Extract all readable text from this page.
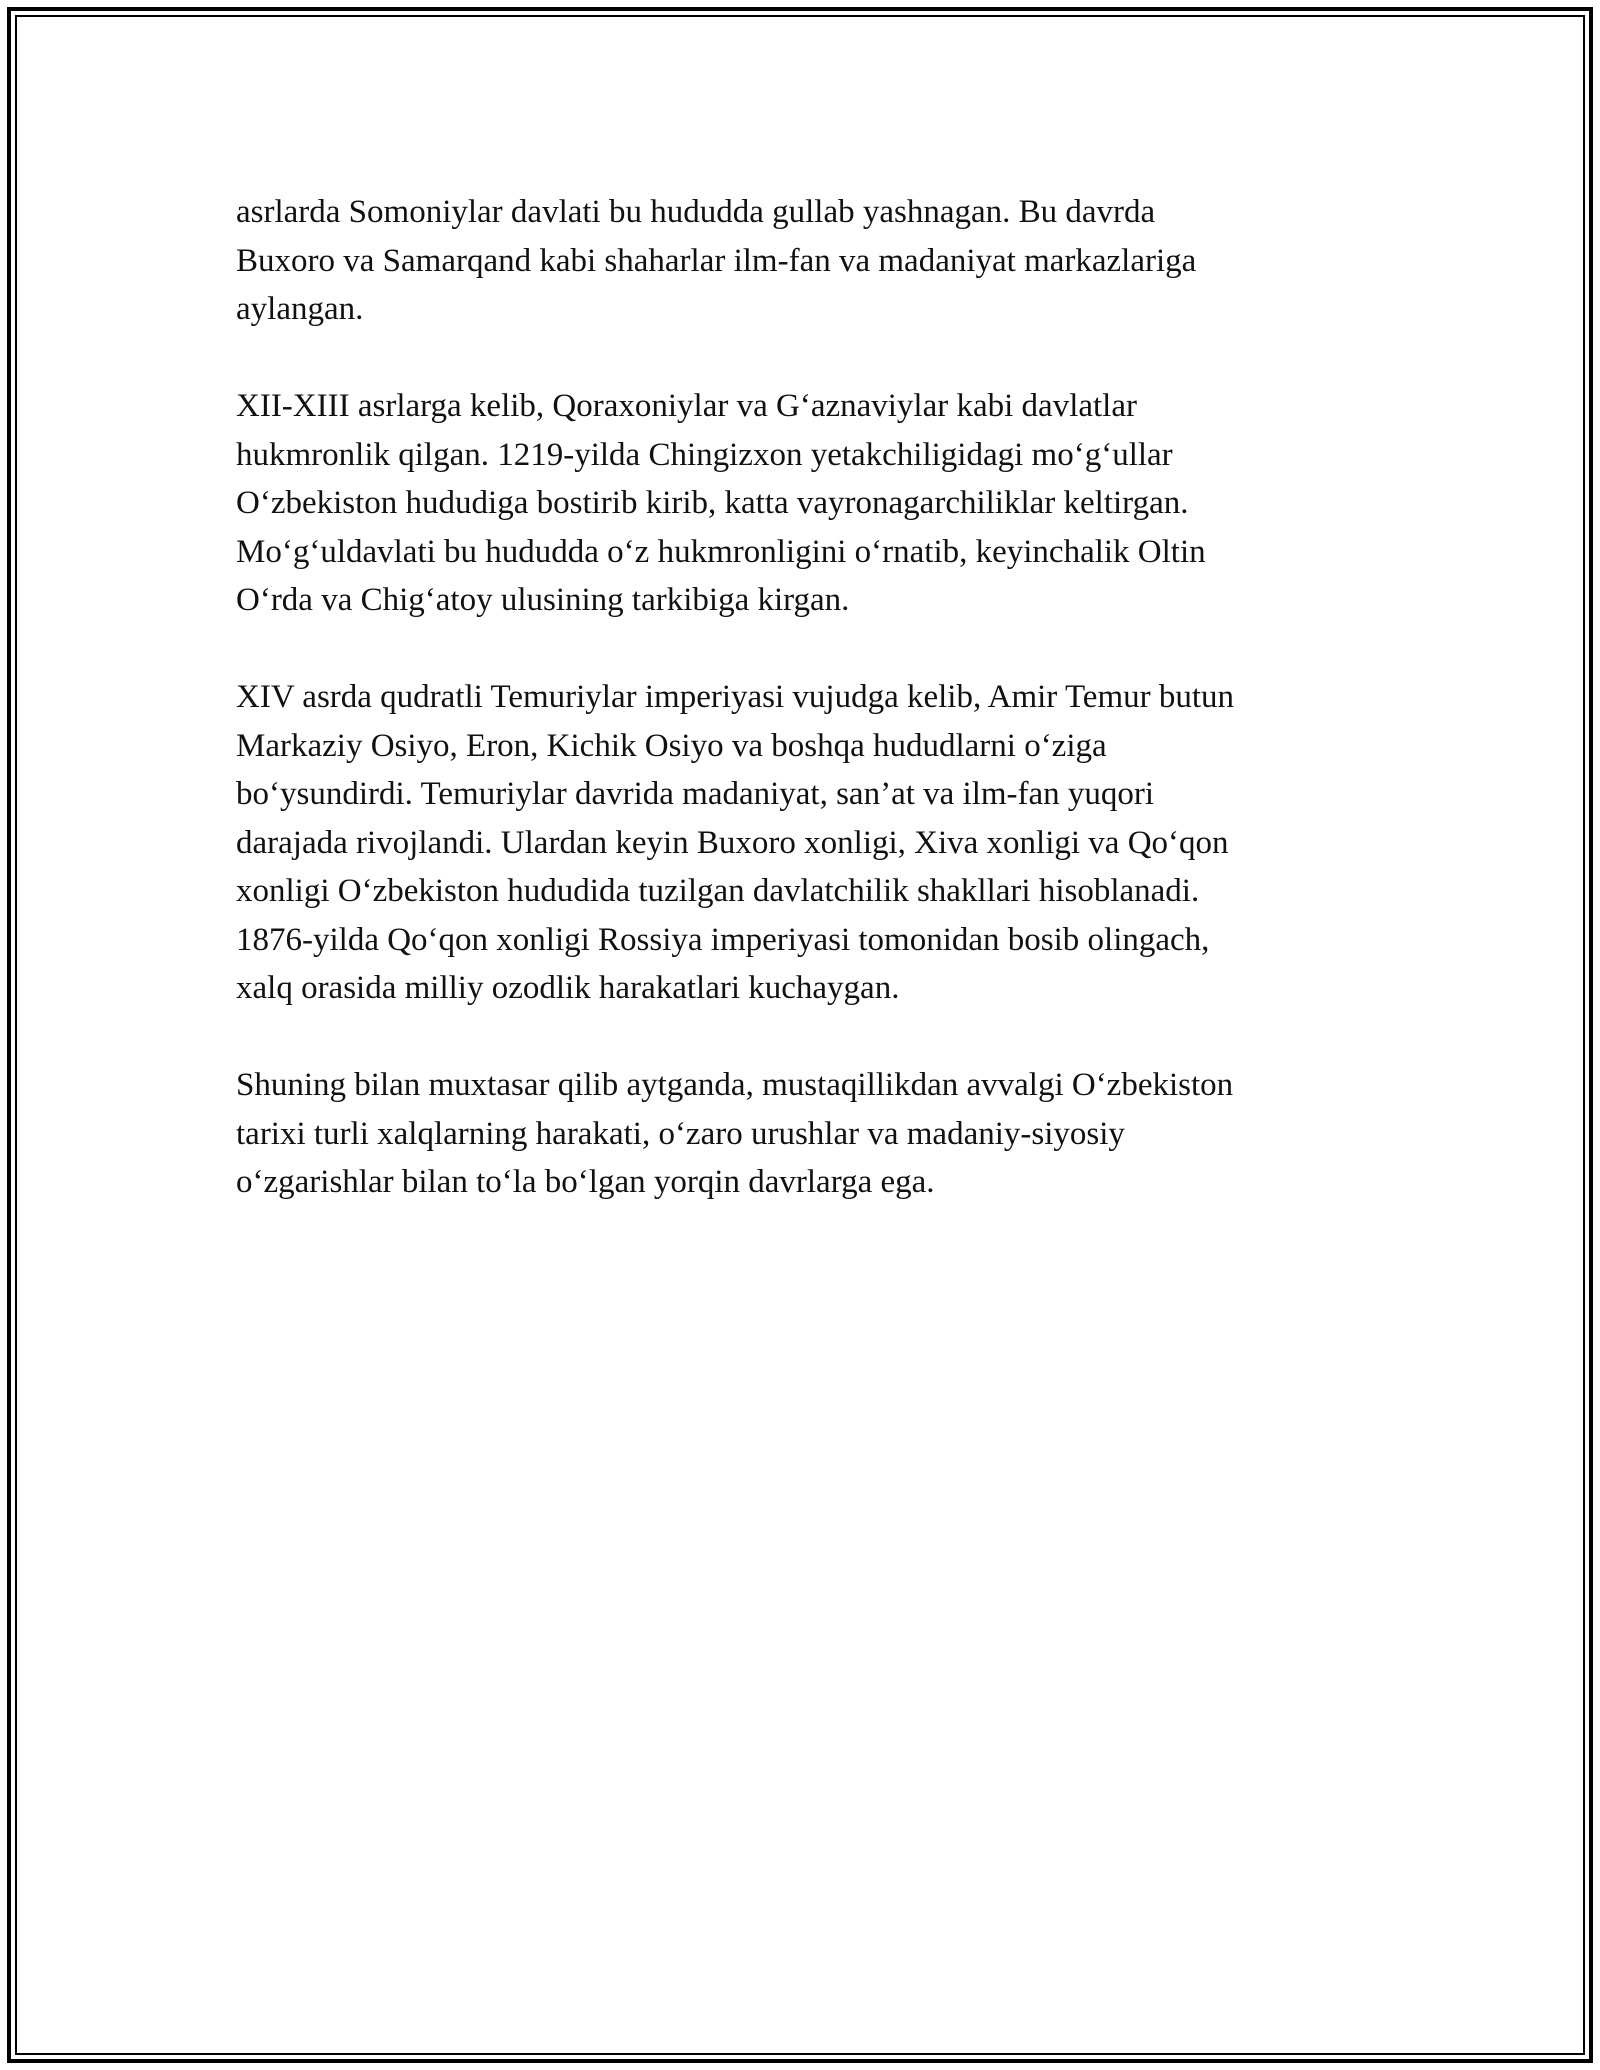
asrlarda Somoniylar davlati bu hududda gullab yashnagan. Bu davrda
Buxoro va Samarqand kabi shaharlar ilm-fan va madaniyat markazlariga
aylangan.

XII-XIII asrlarga kelib, Qoraxoniylar va G‘aznaviylar kabi davlatlar
hukmronlik qilgan. 1219-yilda Chingizxon yetakchiligidagi mo‘g‘ullar
O‘zbekiston hududiga bostirib kirib, katta vayronagarchiliklar keltirgan.
Mo‘g‘uldavlati bu hududda o‘z hukmronligini o‘rnatib, keyinchalik Oltin
O‘rda va Chig‘atoy ulusining tarkibiga kirgan.

XIV asrda qudratli Temuriylar imperiyasi vujudga kelib, Amir Temur butun
Markaziy Osiyo, Eron, Kichik Osiyo va boshqa hududlarni o‘ziga
bo‘ysundirdi. Temuriylar davrida madaniyat, san’at va ilm-fan yuqori
darajada rivojlandi. Ulardan keyin Buxoro xonligi, Xiva xonligi va Qo‘qon
xonligi O‘zbekiston hududida tuzilgan davlatchilik shakllari hisoblanadi.
1876-yilda Qo‘qon xonligi Rossiya imperiyasi tomonidan bosib olingach,
xalq orasida milliy ozodlik harakatlari kuchaygan.

Shuning bilan muxtasar qilib aytganda, mustaqillikdan avvalgi O‘zbekiston
tarixi turli xalqlarning harakati, o‘zaro urushlar va madaniy-siyosiy
o‘zgarishlar bilan to‘la bo‘lgan yorqin davrlarga ega.
